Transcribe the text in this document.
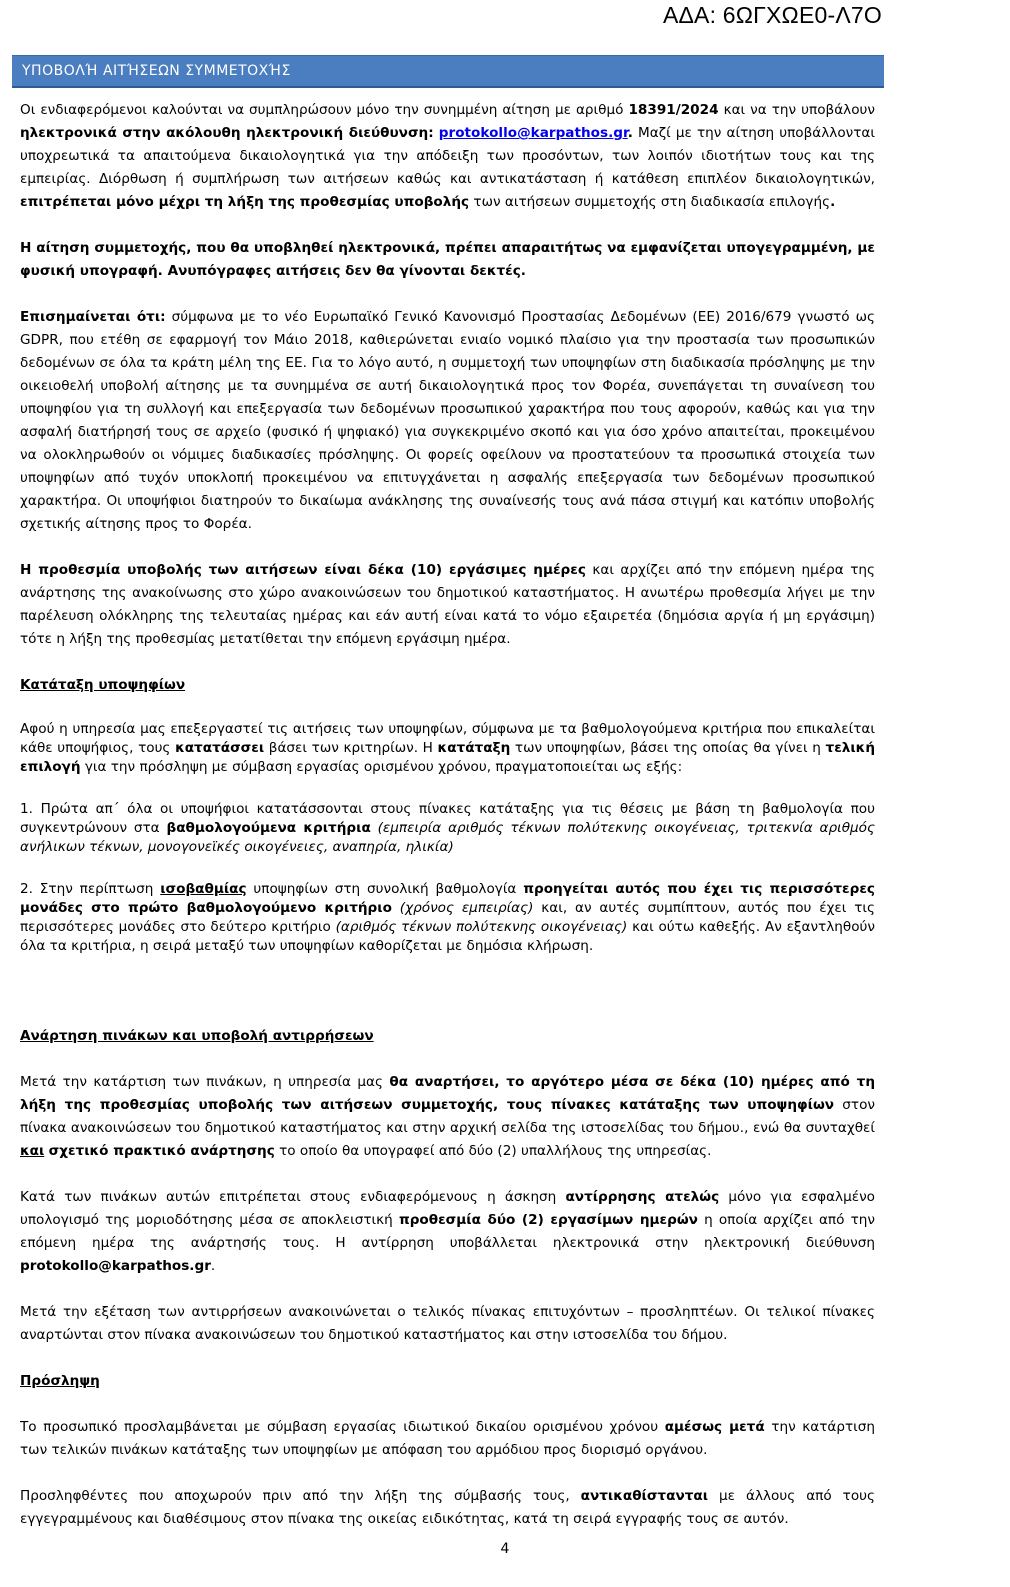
ΑΔΑ: 6ΩΓΧΩΕ0-Λ7Ο
ΥΠΟΒΟΛΉ ΑΙΤΉΣΕΩΝ ΣΥΜΜΕΤΟΧΉΣ

Οι ενδιαφερόμενοι καλούνται να συμπληρώσουν μόνο την συνημμένη αίτηση με αριθμό 18391/2024 και να την υποβάλουν ηλεκτρονικά στην ακόλουθη ηλεκτρονική διεύθυνση: protokollo@karpathos.gr. Μαζί με την αίτηση υποβάλλονται υποχρεωτικά τα απαιτούμενα δικαιολογητικά για την απόδειξη των προσόντων, των λοιπόν ιδιοτήτων τους και της εμπειρίας. Διόρθωση ή συμπλήρωση των αιτήσεων καθώς και αντικατάσταση ή κατάθεση επιπλέον δικαιολογητικών, επιτρέπεται μόνο μέχρι τη λήξη της προθεσμίας υποβολής των αιτήσεων συμμετοχής στη διαδικασία επιλογής.

Η αίτηση συμμετοχής, που θα υποβληθεί ηλεκτρονικά, πρέπει απαραιτήτως να εμφανίζεται υπογεγραμμένη, με φυσική υπογραφή. Ανυπόγραφες αιτήσεις δεν θα γίνονται δεκτές.

Επισημαίνεται ότι: σύμφωνα με το νέο Ευρωπαϊκό Γενικό Κανονισμό Προστασίας Δεδομένων (ΕΕ) 2016/679 γνωστό ως GDPR, που ετέθη σε εφαρμογή τον Μάιο 2018, καθιερώνεται ενιαίο νομικό πλαίσιο για την προστασία των προσωπικών δεδομένων σε όλα τα κράτη μέλη της ΕΕ. Για το λόγο αυτό, η συμμετοχή των υποψηφίων στη διαδικασία πρόσληψης με την οικειοθελή υποβολή αίτησης με τα συνημμένα σε αυτή δικαιολογητικά προς τον Φορέα, συνεπάγεται τη συναίνεση του υποψηφίου για τη συλλογή και επεξεργασία των δεδομένων προσωπικού χαρακτήρα που τους αφορούν, καθώς και για την ασφαλή διατήρησή τους σε αρχείο (φυσικό ή ψηφιακό) για συγκεκριμένο σκοπό και για όσο χρόνο απαιτείται, προκειμένου να ολοκληρωθούν οι νόμιμες διαδικασίες πρόσληψης. Οι φορείς οφείλουν να προστατεύουν τα προσωπικά στοιχεία των υποψηφίων από τυχόν υποκλοπή προκειμένου να επιτυγχάνεται η ασφαλής επεξεργασία των δεδομένων προσωπικού χαρακτήρα. Οι υποψήφιοι διατηρούν το δικαίωμα ανάκλησης της συναίνεσής τους ανά πάσα στιγμή και κατόπιν υποβολής σχετικής αίτησης προς το Φορέα.

Η προθεσμία υποβολής των αιτήσεων είναι δέκα (10) εργάσιμες ημέρες και αρχίζει από την επόμενη ημέρα της ανάρτησης της ανακοίνωσης στο χώρο ανακοινώσεων του δημοτικού καταστήματος. Η ανωτέρω προθεσμία λήγει με την παρέλευση ολόκληρης της τελευταίας ημέρας και εάν αυτή είναι κατά το νόμο εξαιρετέα (δημόσια αργία ή μη εργάσιμη) τότε η λήξη της προθεσμίας μετατίθεται την επόμενη εργάσιμη ημέρα.

Κατάταξη υποψηφίων

Αφού η υπηρεσία μας επεξεργαστεί τις αιτήσεις των υποψηφίων, σύμφωνα με τα βαθμολογούμενα κριτήρια που επικαλείται κάθε υποψήφιος, τους κατατάσσει βάσει των κριτηρίων. Η κατάταξη των υποψηφίων, βάσει της οποίας θα γίνει η τελική επιλογή για την πρόσληψη με σύμβαση εργασίας ορισμένου χρόνου, πραγματοποιείται ως εξής:

1. Πρώτα απ΄ όλα οι υποψήφιοι κατατάσσονται στους πίνακες κατάταξης για τις θέσεις με βάση τη βαθμολογία που συγκεντρώνουν στα βαθμολογούμενα κριτήρια (εμπειρία αριθμός τέκνων πολύτεκνης οικογένειας, τριτεκνία αριθμός ανήλικων τέκνων, μονογονεϊκές οικογένειες, αναπηρία, ηλικία)

2. Στην περίπτωση ισοβαθμίας υποψηφίων στη συνολική βαθμολογία προηγείται αυτός που έχει τις περισσότερες μονάδες στο πρώτο βαθμολογούμενο κριτήριο (χρόνος εμπειρίας) και, αν αυτές συμπίπτουν, αυτός που έχει τις περισσότερες μονάδες στο δεύτερο κριτήριο (αριθμός τέκνων πολύτεκνης οικογένειας) και ούτω καθεξής. Αν εξαντληθούν όλα τα κριτήρια, η σειρά μεταξύ των υποψηφίων καθορίζεται με δημόσια κλήρωση.

Ανάρτηση πινάκων και υποβολή αντιρρήσεων

Μετά την κατάρτιση των πινάκων, η υπηρεσία μας θα αναρτήσει, το αργότερο μέσα σε δέκα (10) ημέρες από τη λήξη της προθεσμίας υποβολής των αιτήσεων συμμετοχής, τους πίνακες κατάταξης των υποψηφίων στον πίνακα ανακοινώσεων του δημοτικού καταστήματος και στην αρχική σελίδα της ιστοσελίδας του δήμου., ενώ θα συνταχθεί και σχετικό πρακτικό ανάρτησης το οποίο θα υπογραφεί από δύο (2) υπαλλήλους της υπηρεσίας.

Κατά των πινάκων αυτών επιτρέπεται στους ενδιαφερόμενους η άσκηση αντίρρησης ατελώς μόνο για εσφαλμένο υπολογισμό της μοριοδότησης μέσα σε αποκλειστική προθεσμία δύο (2) εργασίμων ημερών η οποία αρχίζει από την επόμενη ημέρα της ανάρτησής τους. Η αντίρρηση υποβάλλεται ηλεκτρονικά στην ηλεκτρονική διεύθυνση protokollo@karpathos.gr.

Μετά την εξέταση των αντιρρήσεων ανακοινώνεται ο τελικός πίνακας επιτυχόντων – προσληπτέων. Οι τελικοί πίνακες αναρτώνται στον πίνακα ανακοινώσεων του δημοτικού καταστήματος και στην ιστοσελίδα του δήμου.

Πρόσληψη

Το προσωπικό προσλαμβάνεται με σύμβαση εργασίας ιδιωτικού δικαίου ορισμένου χρόνου αμέσως μετά την κατάρτιση των τελικών πινάκων κατάταξης των υποψηφίων με απόφαση του αρμόδιου προς διορισμό οργάνου.

Προσληφθέντες που αποχωρούν πριν από την λήξη της σύμβασής τους, αντικαθίστανται με άλλους από τους εγγεγραμμένους και διαθέσιμους στον πίνακα της οικείας ειδικότητας, κατά τη σειρά εγγραφής τους σε αυτόν.

4
